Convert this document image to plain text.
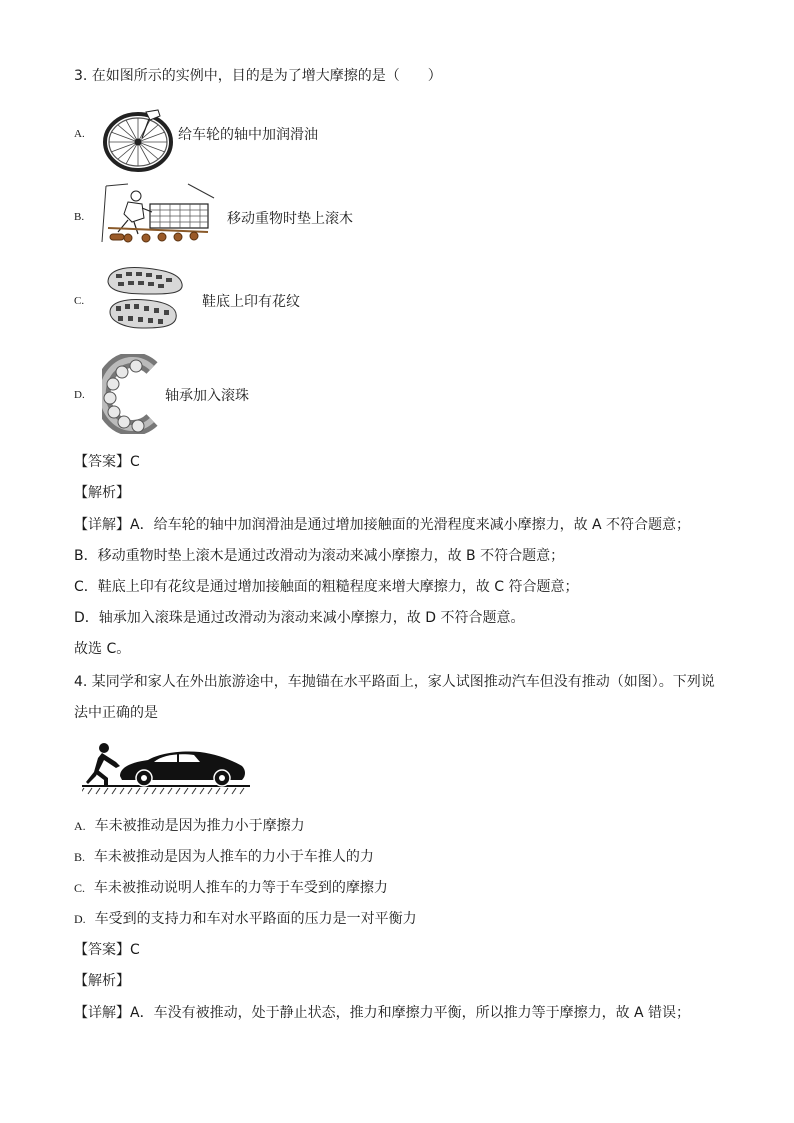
3. 在如图所示的实例中，目的是为了增大摩擦的是（　　）
A.	给车轮的轴中加润滑油
B.	移动重物时垫上滚木
C.	鞋底上印有花纹
D.	轴承加入滚珠
【答案】C
【解析】
【详解】A．给车轮的轴中加润滑油是通过增加接触面的光滑程度来减小摩擦力，故 A 不符合题意；
B．移动重物时垫上滚木是通过改滑动为滚动来减小摩擦力，故 B 不符合题意；
C．鞋底上印有花纹是通过增加接触面的粗糙程度来增大摩擦力，故 C 符合题意；
D．轴承加入滚珠是通过改滑动为滚动来减小摩擦力，故 D 不符合题意。
故选 C。
4. 某同学和家人在外出旅游途中，车抛锚在水平路面上，家人试图推动汽车但没有推动（如图）。下列说
法中正确的是
A. 车未被推动是因为推力小于摩擦力
B. 车未被推动是因为人推车的力小于车推人的力
C. 车未被推动说明人推车的力等于车受到的摩擦力
D. 车受到的支持力和车对水平路面的压力是一对平衡力
【答案】C
【解析】
【详解】A．车没有被推动，处于静止状态，推力和摩擦力平衡，所以推力等于摩擦力，故 A 错误；
